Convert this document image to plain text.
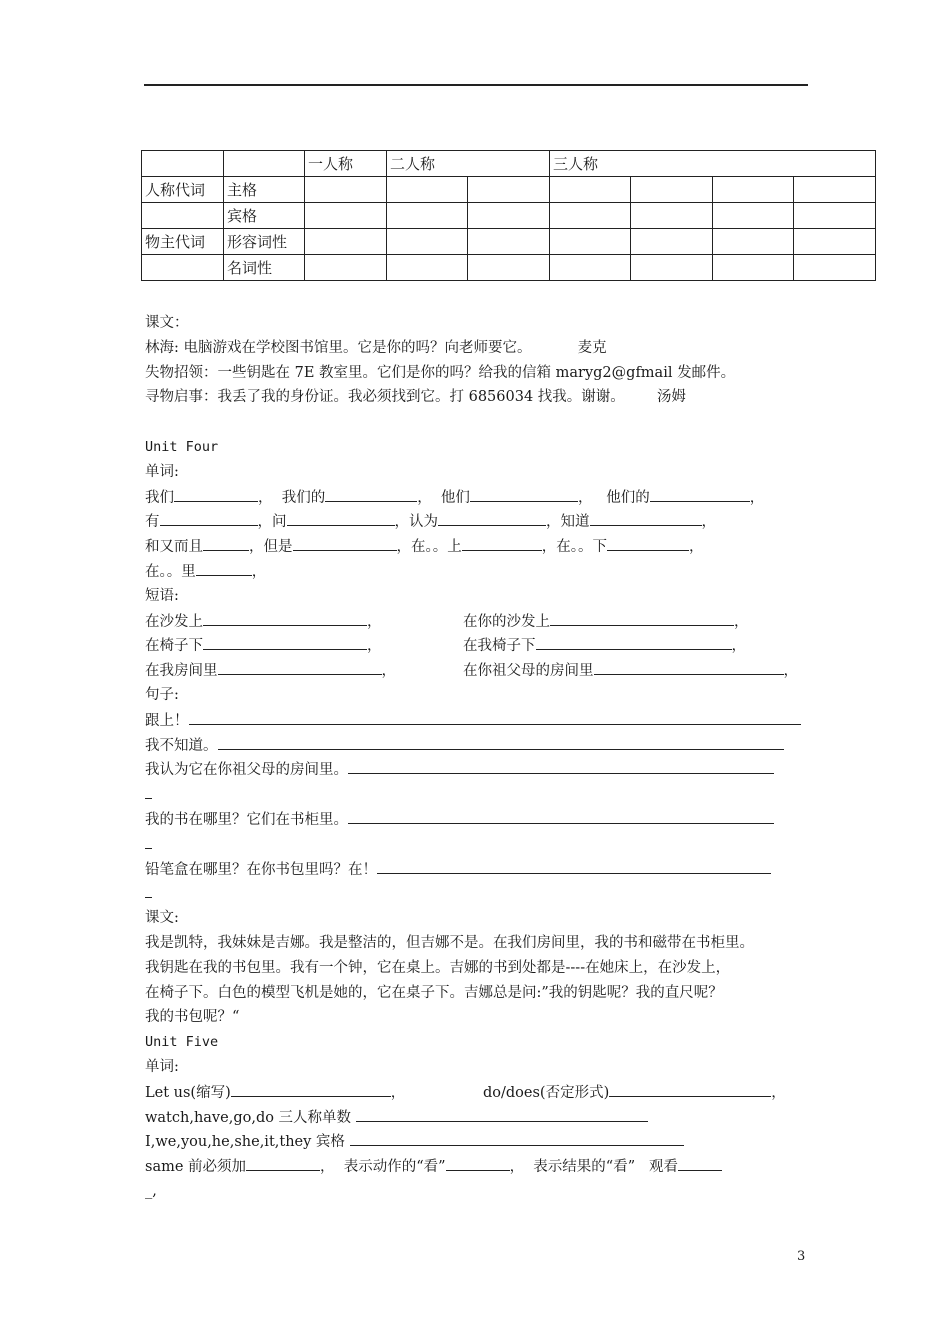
		一人称	二人称		三人称			
人称代词	主格							
	宾格							
物主代词	形容词性							
	名词性							
课文：
林海: 电脑游戏在学校图书馆里。它是你的吗？向老师要它。          麦克
失物招领：一些钥匙在 7E 教室里。它们是你的吗？给我的信箱 maryg2@gfmail 发邮件。
寻物启事：我丢了我的身份证。我必须找到它。打 6856034 找我。谢谢。       汤姆
Unit Four
单词:
我们	，  我们的	，  他们	，   他们的	，
有	，问	，认为	，知道	，
和又而且	，但是	，在。。上	，在。。下	，
在。。里	，
短语:
在沙发上	，	在你的沙发上	，
在椅子下	，	在我椅子下	，
在我房间里	，	在你祖父母的房间里	，
句子:
跟上！
我不知道。
我认为它在你祖父母的房间里。
我的书在哪里？它们在书柜里。
铅笔盒在哪里？在你书包里吗？在！
课文:
我是凯特，我妹妹是吉娜。我是整洁的，但吉娜不是。在我们房间里，我的书和磁带在书柜里。
我钥匙在我的书包里。我有一个钟，它在桌上。吉娜的书到处都是----在她床上，在沙发上，
在椅子下。白色的模型飞机是她的，它在桌子下。吉娜总是问:”我的钥匙呢？我的直尺呢？
我的书包呢？“
Unit Five
单词:
Let us(缩写)	，	do/does(否定形式)	，
watch,have,go,do 三人称单数
I,we,you,he,she,it,they 宾格
same 前必须加	，  表示动作的“看”	，  表示结果的“看”   观看
_,
3
